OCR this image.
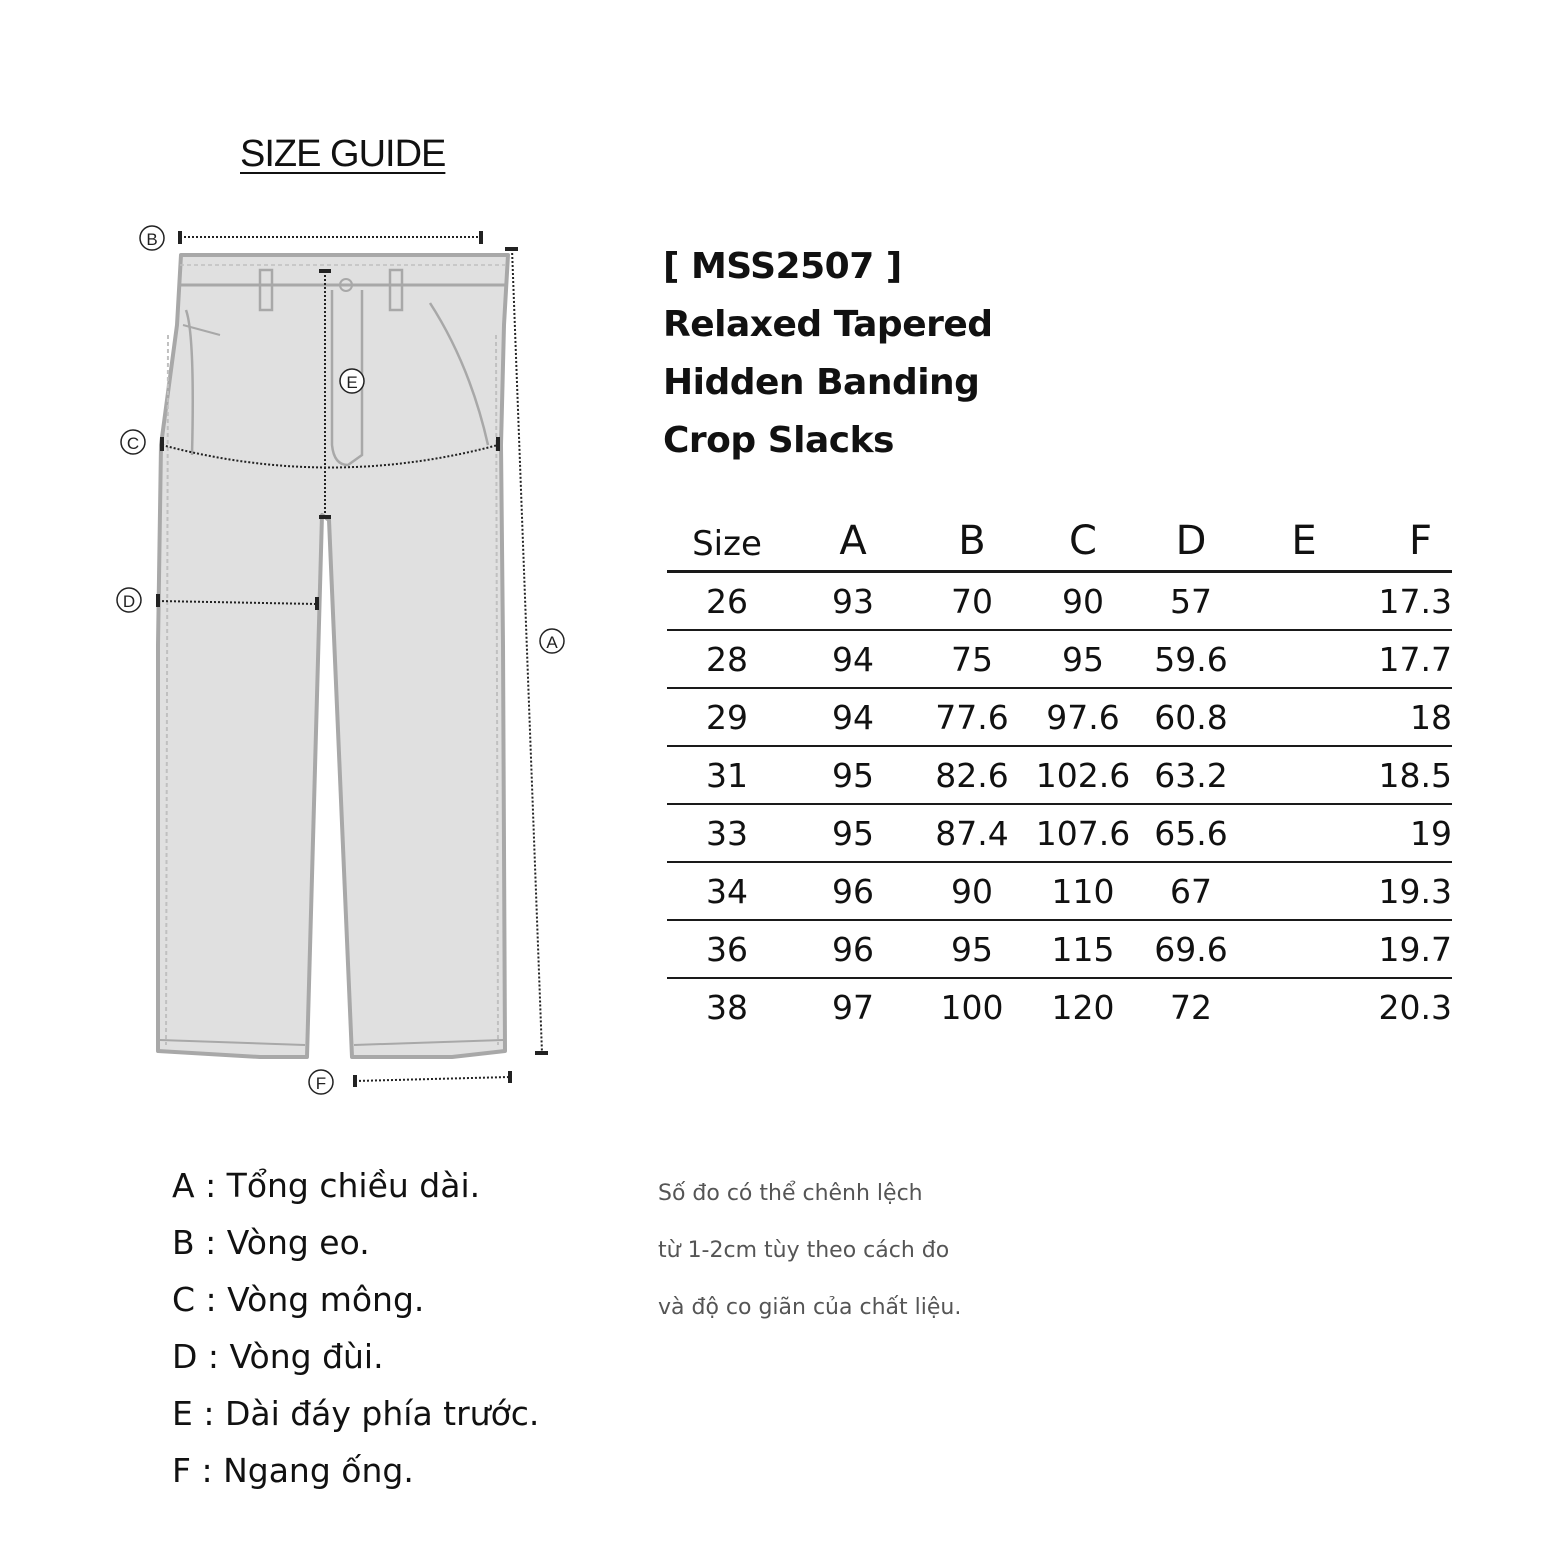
SIZE GUIDE
B
A
E
C
D
F
[ MSS2507 ]
Relaxed Tapered
Hidden Banding
Crop Slacks
Size	A	B	C	D	E	F
26	93	70	90	57		17.3
28	94	75	95	59.6		17.7
29	94	77.6	97.6	60.8		18
31	95	82.6	102.6	63.2		18.5
33	95	87.4	107.6	65.6		19
34	96	90	110	67		19.3
36	96	95	115	69.6		19.7
38	97	100	120	72		20.3
A : Tổng chiều dài.
B : Vòng eo.
C : Vòng mông.
D : Vòng đùi.
E : Dài đáy phía trước.
F : Ngang ống.
Số đo có thể chênh lệch
từ 1-2cm tùy theo cách đo
và độ co giãn của chất liệu.
